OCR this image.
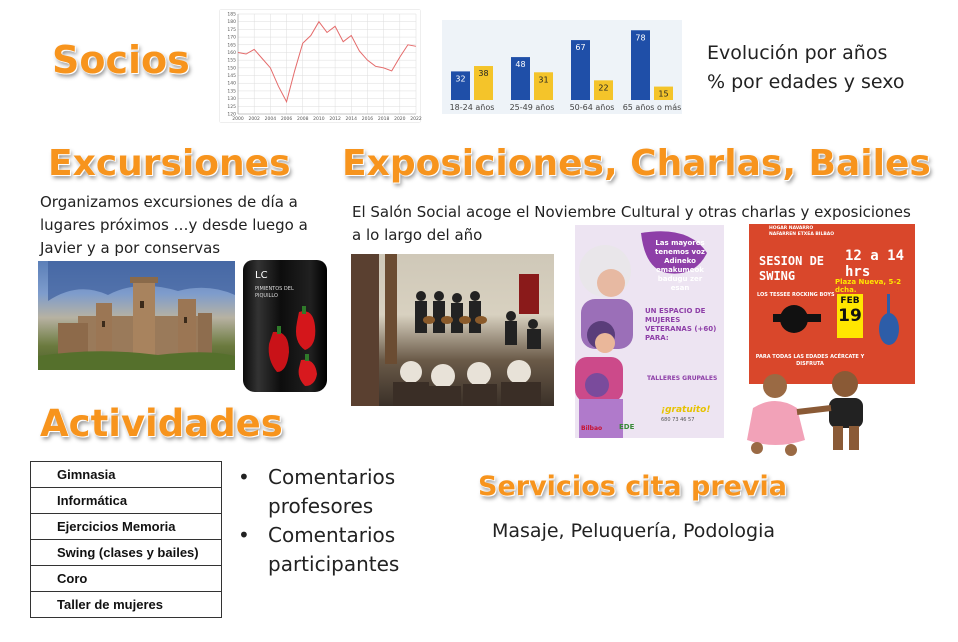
Socios
120
125
130
135
140
145
150
155
160
165
170
175
180
185
2000 2002 2004 2006 2008 2010 2012 2014 2016 2018 2020 2022
32
38
18-24 años
48
31
25-49 años
67
22
50-64 años
78
15
65 años o más
Evolución por años
% por edades y sexo
Excursiones
Organizamos excursiones de día a lugares próximos …y desde luego a Javier y a por conservas
LC
PIMIENTOS DEL PIQUILLO
Exposiciones, Charlas, Bailes
El Salón Social acoge el Noviembre Cultural y otras charlas y exposiciones a lo largo del año	Las mayores tenemos voz Adineko emakumeok badugu zer esan
UN ESPACIO DE MUJERES VETERANAS (+60) PARA:
TALLERES GRUPALES
¡gratuito!
680 73 46 57
Bilbao EDE
HOGAR NAVARRO NAFARREN ETXEA BILBAO
12 a 14 hrs
SESION DE SWING	Plaza Nueva, 5-2 dcha.
LOS TESSEE ROCKING BOYS
FEB
19
PARA TODAS LAS EDADES ACÉRCATE Y DISFRUTA
Actividades
Gimnasia
Informática
Ejercicios Memoria
Swing (clases y bailes)
Coro
Taller de mujeres
• Comentarios profesores
• Comentarios participantes
Servicios cita previa
Masaje, Peluquería, Podologia
